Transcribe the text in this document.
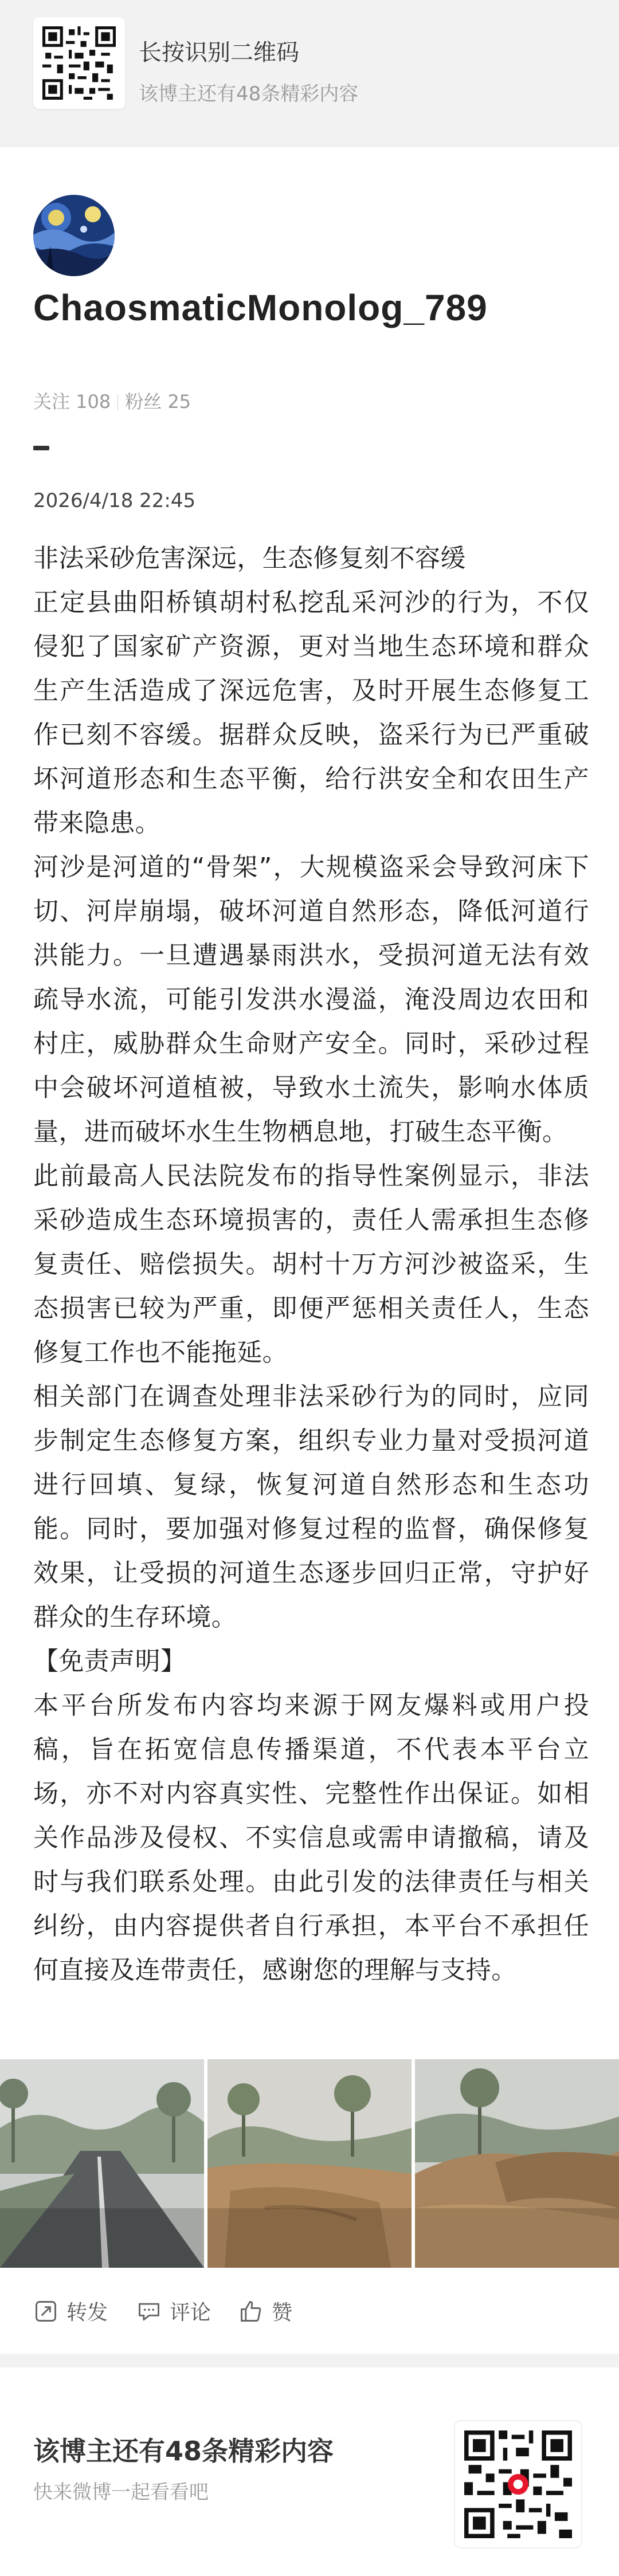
长按识别二维码
该博主还有48条精彩内容
ChaosmaticMonolog_789
关注 108 粉丝 25
2026/4/18 22:45

非法采砂危害深远，生态修复刻不容缓

正定县曲阳桥镇胡村私挖乱采河沙的行为，不仅侵犯了国家矿产资源，更对当地生态环境和群众生产生活造成了深远危害，及时开展生态修复工作已刻不容缓。据群众反映，盗采行为已严重破坏河道形态和生态平衡，给行洪安全和农田生产带来隐患。

河沙是河道的“骨架”，大规模盗采会导致河床下切、河岸崩塌，破坏河道自然形态，降低河道行洪能力。一旦遭遇暴雨洪水，受损河道无法有效疏导水流，可能引发洪水漫溢，淹没周边农田和村庄，威胁群众生命财产安全。同时，采砂过程中会破坏河道植被，导致水土流失，影响水体质量，进而破坏水生生物栖息地，打破生态平衡。

此前最高人民法院发布的指导性案例显示，非法采砂造成生态环境损害的，责任人需承担生态修复责任、赔偿损失。胡村十万方河沙被盗采，生态损害已较为严重，即便严惩相关责任人，生态修复工作也不能拖延。

相关部门在调查处理非法采砂行为的同时，应同步制定生态修复方案，组织专业力量对受损河道进行回填、复绿，恢复河道自然形态和生态功能。同时，要加强对修复过程的监督，确保修复效果，让受损的河道生态逐步回归正常，守护好群众的生存环境。

【免责声明】

本平台所发布内容均来源于网友爆料或用户投稿，旨在拓宽信息传播渠道，不代表本平台立场，亦不对内容真实性、完整性作出保证。如相关作品涉及侵权、不实信息或需申请撤稿，请及时与我们联系处理。由此引发的法律责任与相关纠纷，由内容提供者自行承担，本平台不承担任何直接及连带责任，感谢您的理解与支持。

转发	评论	赞
该博主还有48条精彩内容
快来微博一起看看吧
